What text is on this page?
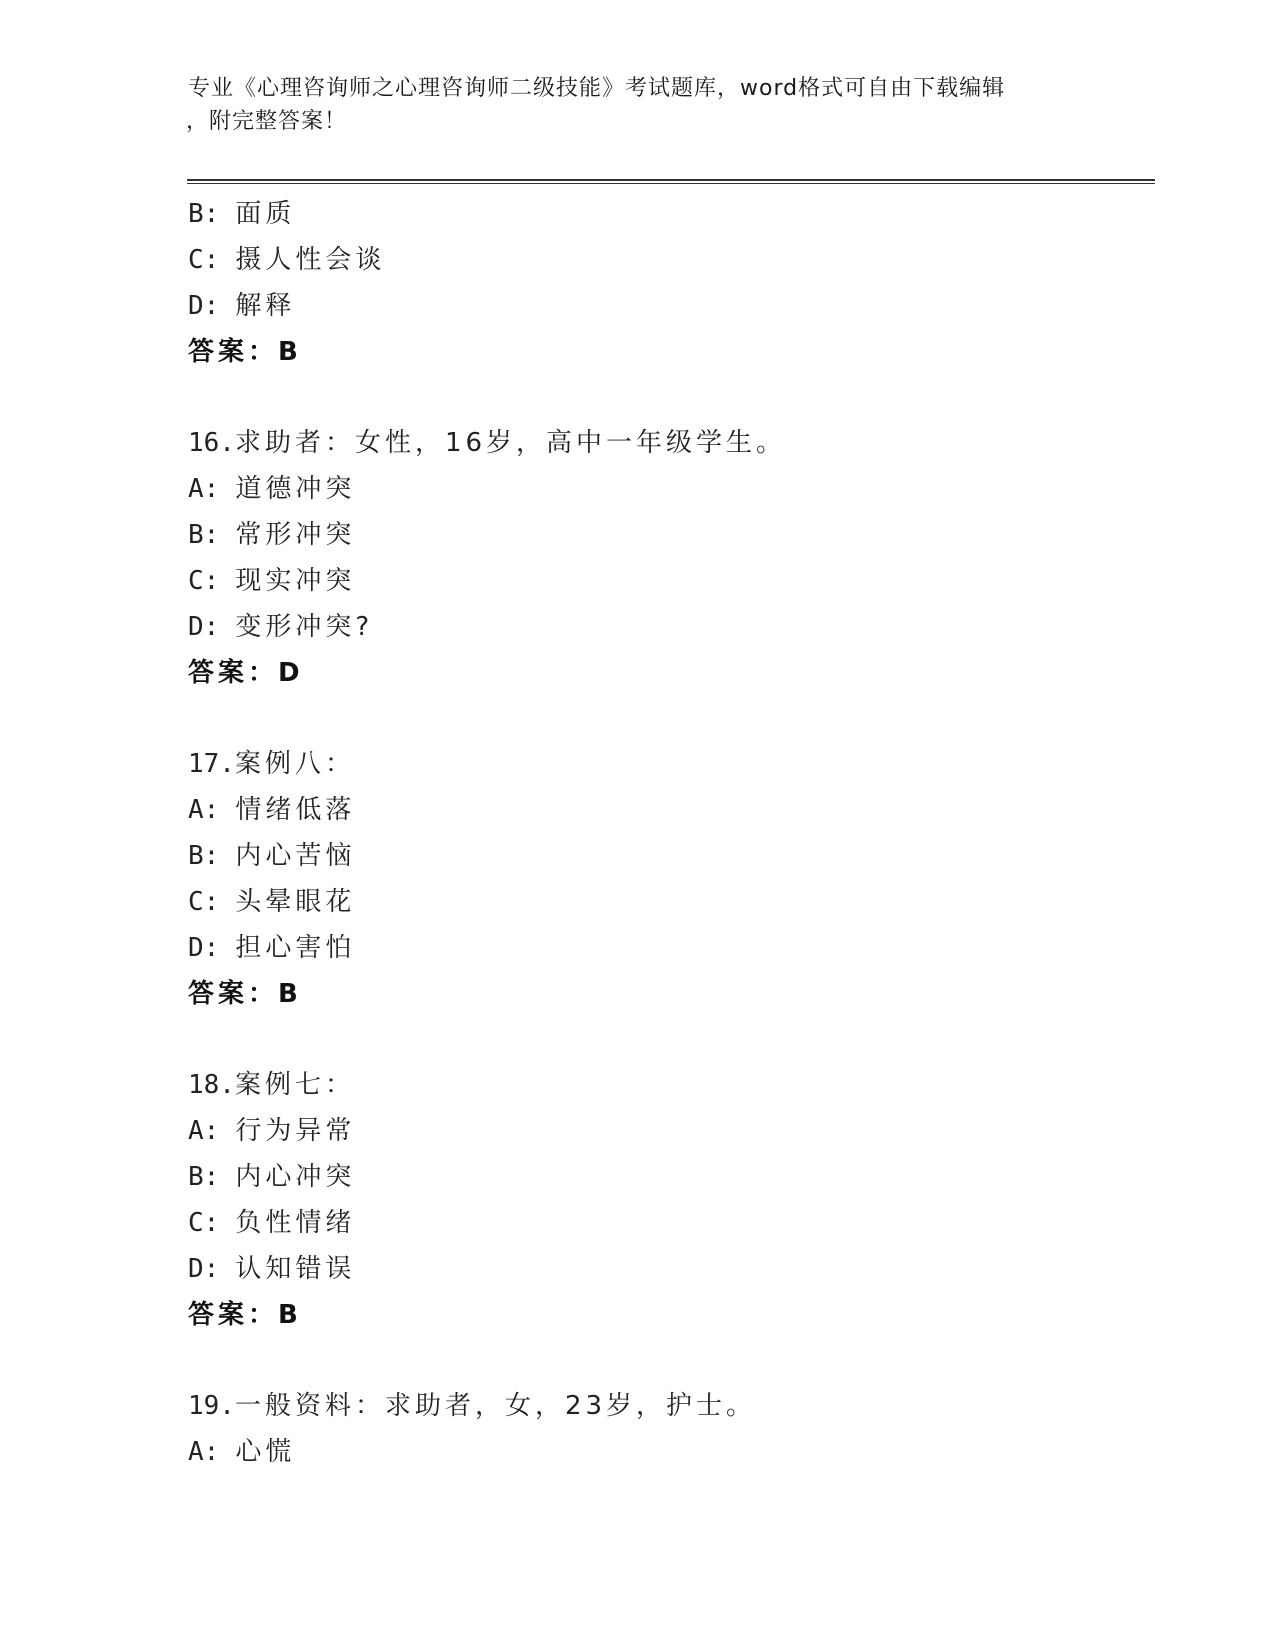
专业《心理咨询师之心理咨询师二级技能》考试题库，word格式可自由下载编辑
，附完整答案！
B: 面质
C: 摄人性会谈
D: 解释
答案：B
16.求助者：女性，16岁，高中一年级学生。
A: 道德冲突
B: 常形冲突
C: 现实冲突
D: 变形冲突?
答案：D
17.案例八：
A: 情绪低落
B: 内心苦恼
C: 头晕眼花
D: 担心害怕
答案：B
18.案例七：
A: 行为异常
B: 内心冲突
C: 负性情绪
D: 认知错误
答案：B
19.一般资料：求助者，女，23岁，护士。
A: 心慌
